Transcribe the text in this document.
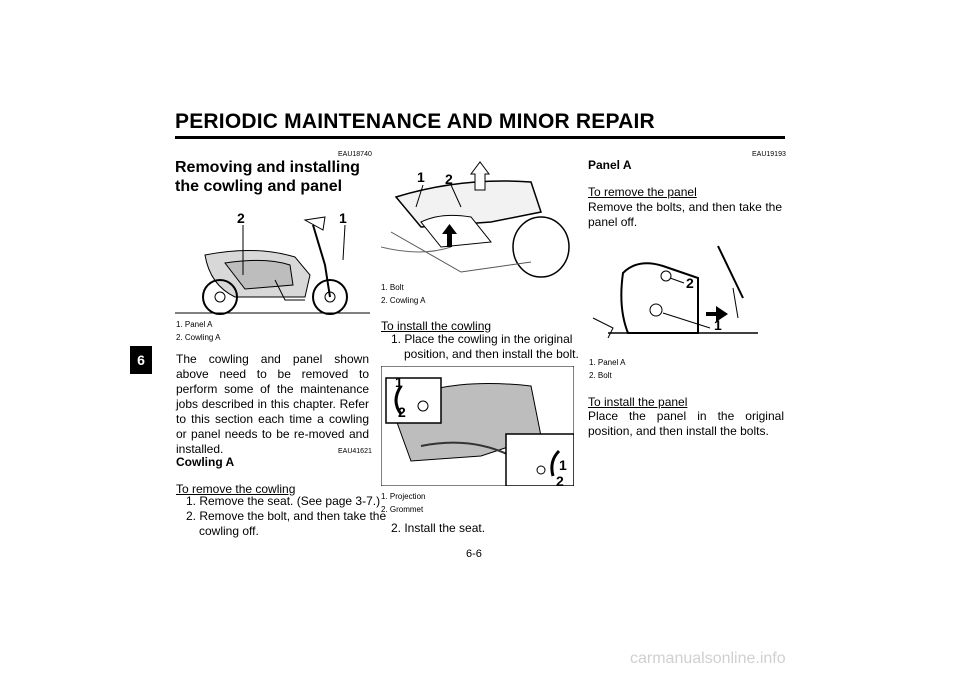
PERIODIC MAINTENANCE AND MINOR REPAIR
6
EAU18740
Removing and installing the cowling and panel
2	1
1. Panel A
2. Cowling A
The cowling and panel shown above need to be removed to perform some of the maintenance jobs described in this chapter. Refer to this section each time a cowling or panel needs to be re-moved and installed.	EAU41621
Cowling A
To remove the cowling
1. Remove the seat. (See page 3-7.)
2. Remove the bolt, and then take the
cowling off.
1 2
1. Bolt
2. Cowling A
To install the cowling
1. Place the cowling in the original
position, and then install the bolt.
1
2
1
2
1. Projection
2. Grommet
2. Install the seat.
EAU19193
Panel A
To remove the panel
Remove the bolts, and then take the panel off.
2
1
1. Panel A
2. Bolt
To install the panel
Place the panel in the original position, and then install the bolts.
6-6
carmanualsonline.info
